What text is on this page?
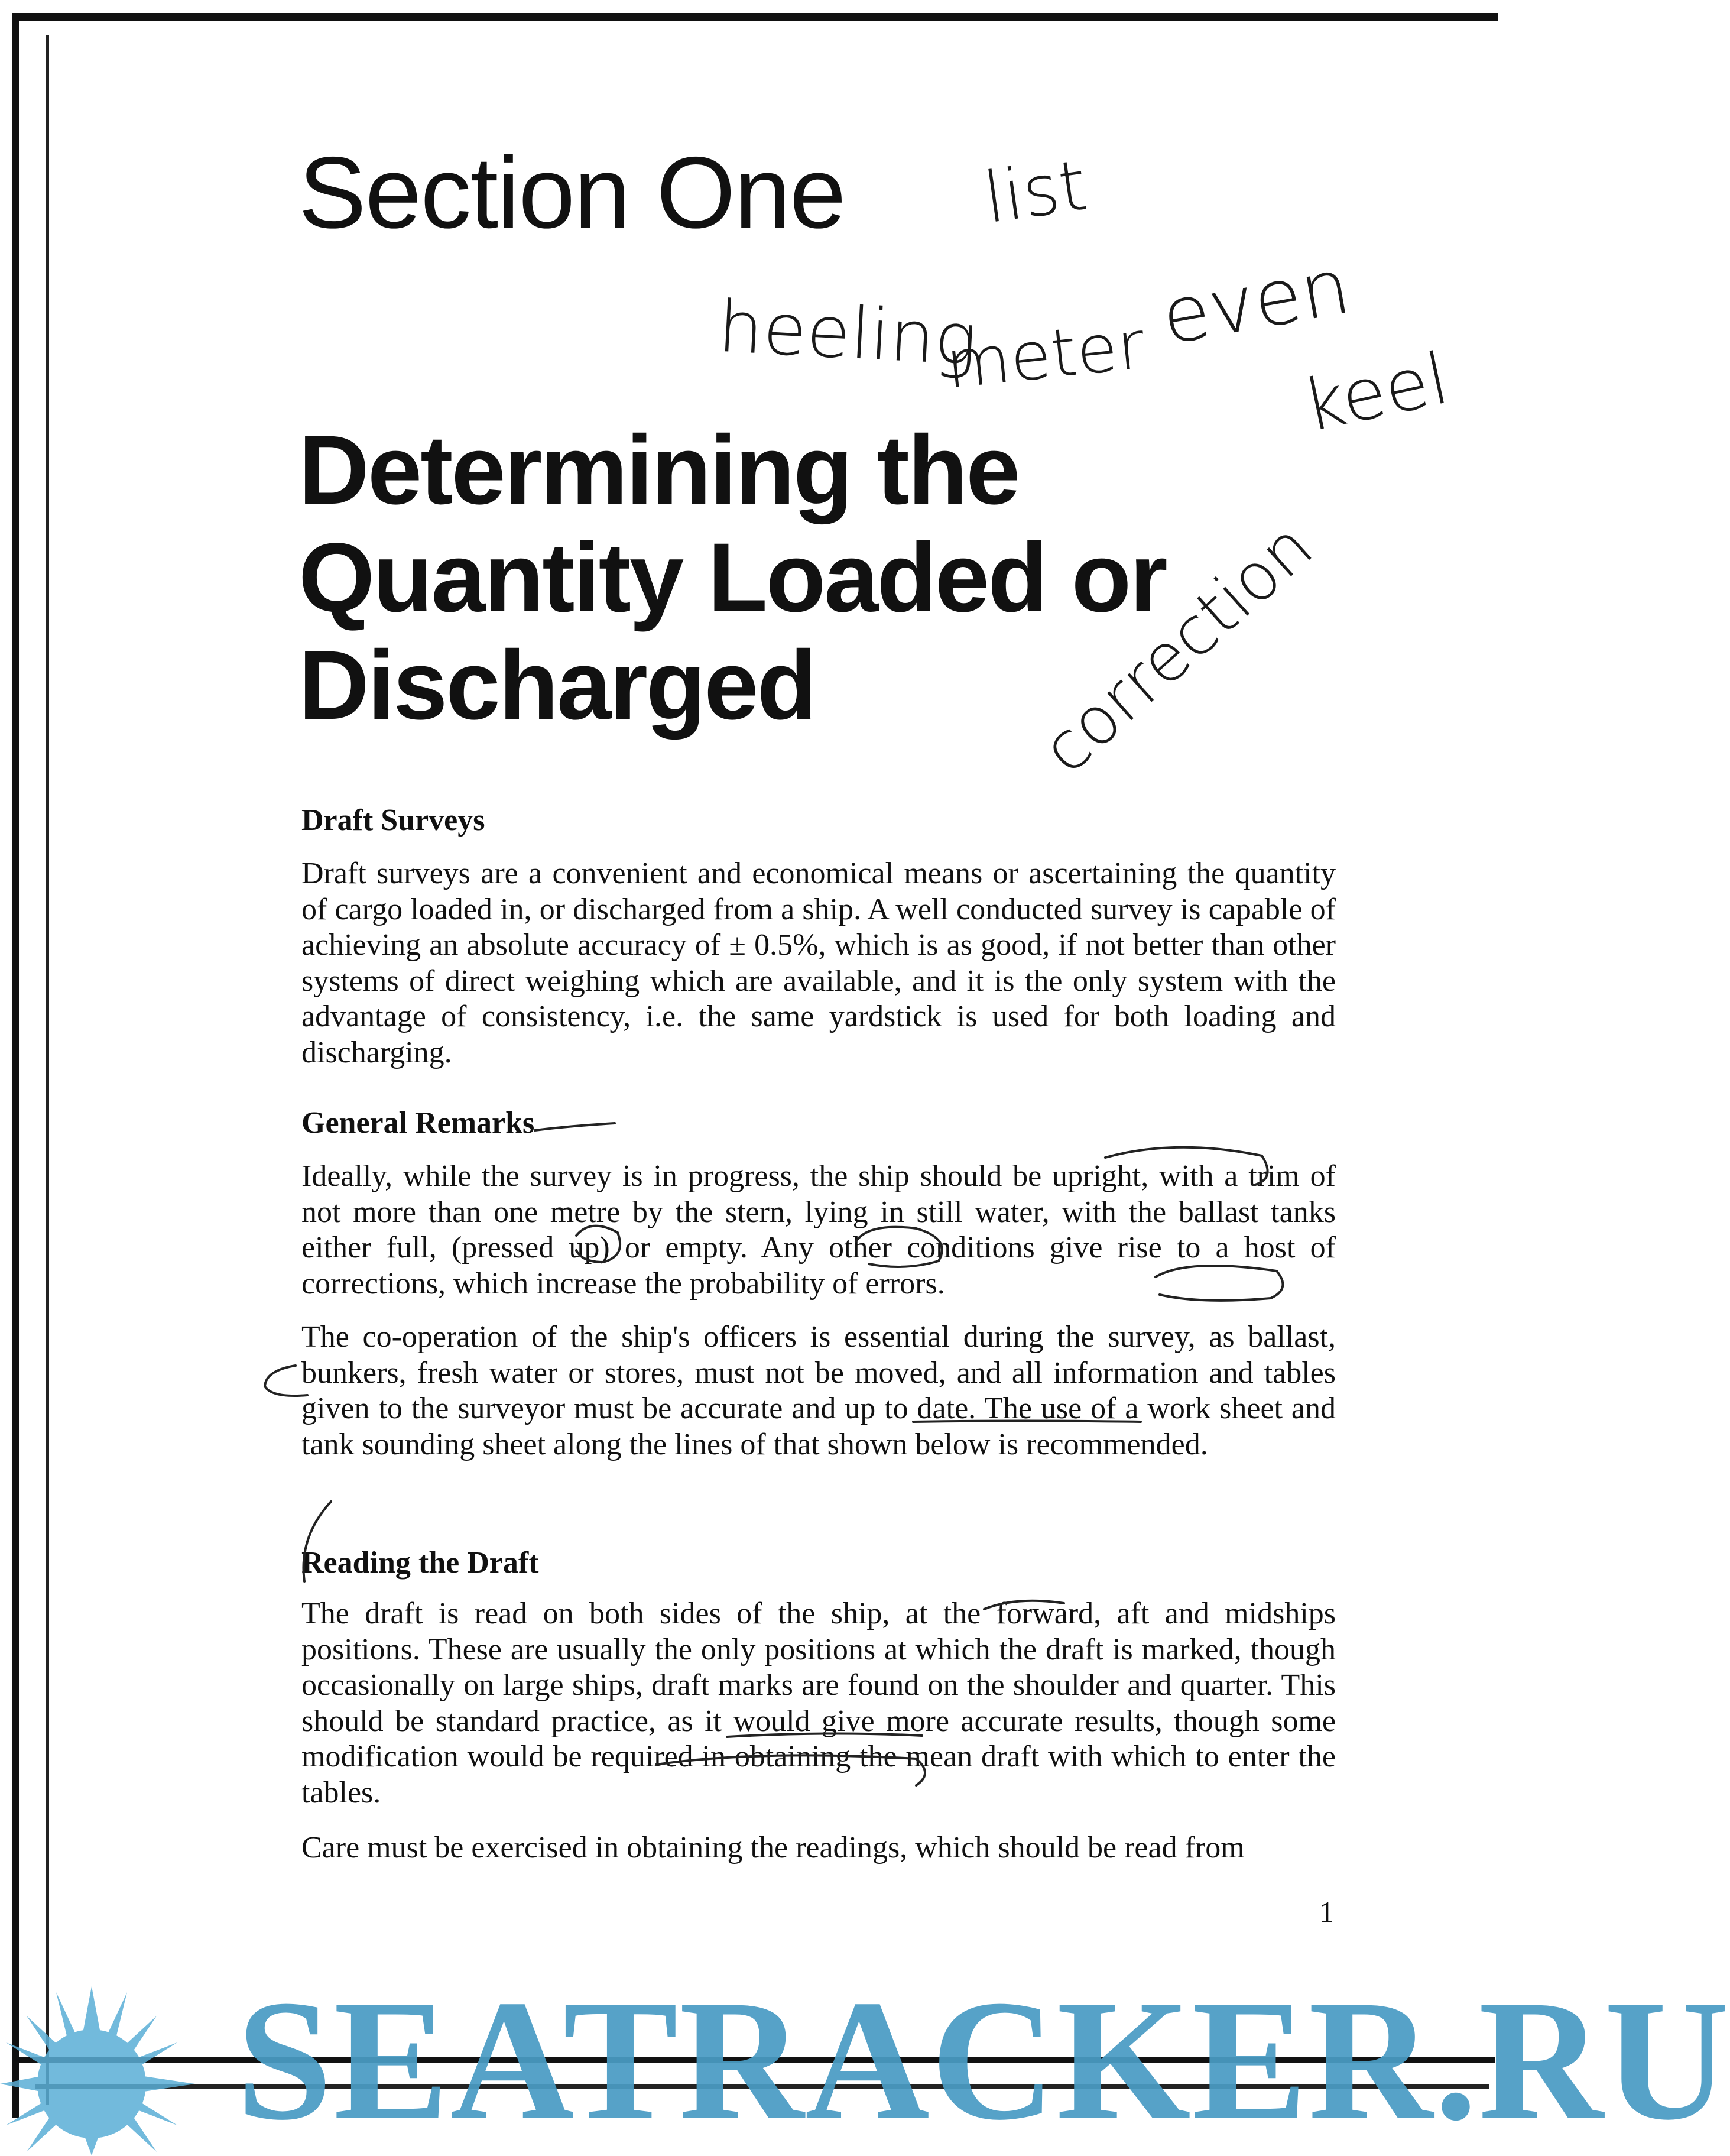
Section One
Determining the
Quantity Loaded or
Discharged
list
heeling
meter even
keel
correction
Draft Surveys

Draft surveys are a convenient and economical means or ascertaining the quantity of cargo loaded in, or discharged from a ship. A well conducted survey is capable of achieving an absolute accuracy of ± 0.5%, which is as good, if not better than other systems of direct weighing which are available, and it is the only system with the advantage of consistency, i.e. the same yardstick is used for both loading and discharging.

General Remarks

Ideally, while the survey is in progress, the ship should be upright, with a trim of not more than one metre by the stern, lying in still water, with the ballast tanks either full, (pressed up) or empty. Any other conditions give rise to a host of corrections, which increase the probability of errors.

The co-operation of the ship's officers is essential during the survey, as ballast, bunkers, fresh water or stores, must not be moved, and all information and tables given to the surveyor must be accurate and up to date. The use of a work sheet and tank sounding sheet along the lines of that shown below is recommended.

Reading the Draft

The draft is read on both sides of the ship, at the forward, aft and midships positions. These are usually the only positions at which the draft is marked, though occasionally on large ships, draft marks are found on the shoulder and quarter. This should be standard practice, as it would give more accurate results, though some modification would be required in obtaining the mean draft with which to enter the tables.

Care must be exercised in obtaining the readings, which should be read from

1
SEATRACKER.RU
